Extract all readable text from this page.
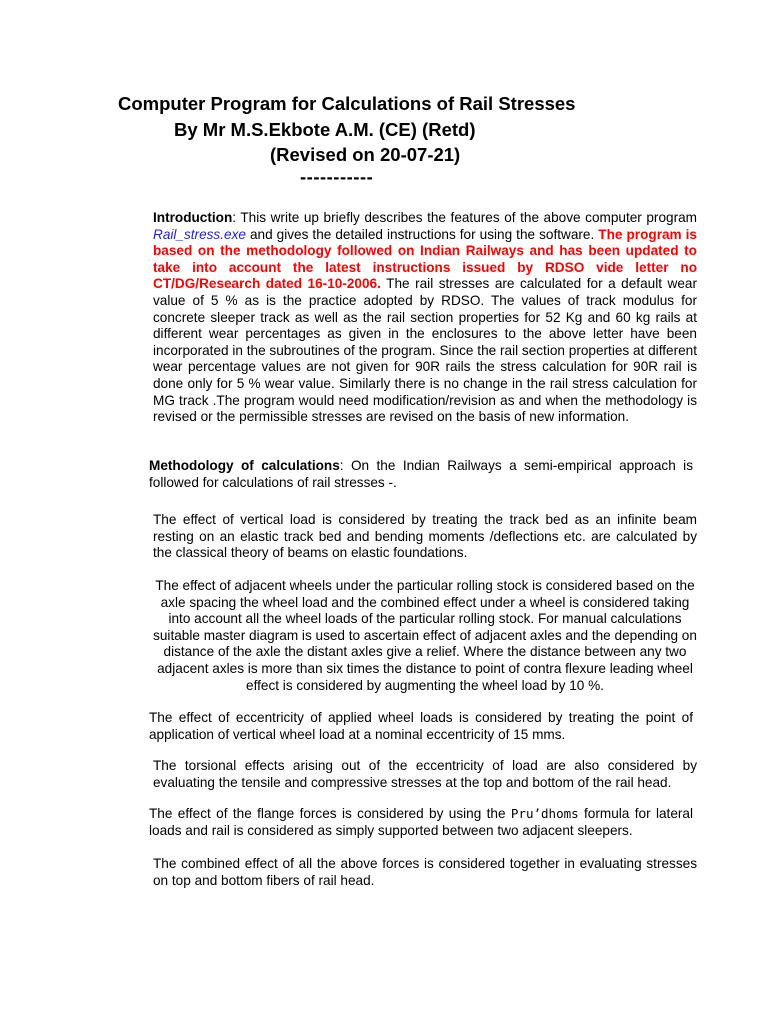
Computer Program for Calculations of Rail Stresses
By Mr M.S.Ekbote A.M. (CE) (Retd)
(Revised on 20-07-21)
-----------
Introduction: This write up briefly describes the features of the above computer program Rail_stress.exe and gives the detailed instructions for using the software. The program is based on the methodology followed on Indian Railways and has been updated to take into account the latest instructions issued by RDSO vide letter no CT/DG/Research dated 16-10-2006. The rail stresses are calculated for a default wear value of 5 % as is the practice adopted by RDSO. The values of track modulus for concrete sleeper track as well as the rail section properties for 52 Kg and 60 kg rails at different wear percentages as given in the enclosures to the above letter have been incorporated in the subroutines of the program. Since the rail section properties at different wear percentage values are not given for 90R rails the stress calculation for 90R rail is done only for 5 % wear value. Similarly there is no change in the rail stress calculation for MG track .The program would need modification/revision as and when the methodology is revised or the permissible stresses are revised on the basis of new information.
Methodology of calculations: On the Indian Railways a semi-empirical approach is followed for calculations of rail stresses -.
The effect of vertical load is considered by treating the track bed as an infinite beam resting on an elastic track bed and bending moments /deflections etc. are calculated by the classical theory of beams on elastic foundations.
The effect of adjacent wheels under the particular rolling stock is considered based on the axle spacing the wheel load and the combined effect under a wheel is considered taking into account all the wheel loads of the particular rolling stock. For manual calculations suitable master diagram is used to ascertain effect of adjacent axles and the depending on distance of the axle the distant axles give a relief. Where the distance between any two adjacent axles is more than six times the distance to point of contra flexure leading wheel effect is considered by augmenting the wheel load by 10 %.
The effect of eccentricity of applied wheel loads is considered by treating the point of application of vertical wheel load at a nominal eccentricity of 15 mms.
The torsional effects arising out of the eccentricity of load are also considered by evaluating the tensile and compressive stresses at the top and bottom of the rail head.
The effect of the flange forces is considered by using the Pru’dhoms formula for lateral loads and rail is considered as simply supported between two adjacent sleepers.
The combined effect of all the above forces is considered together in evaluating stresses on top and bottom fibers of rail head.
